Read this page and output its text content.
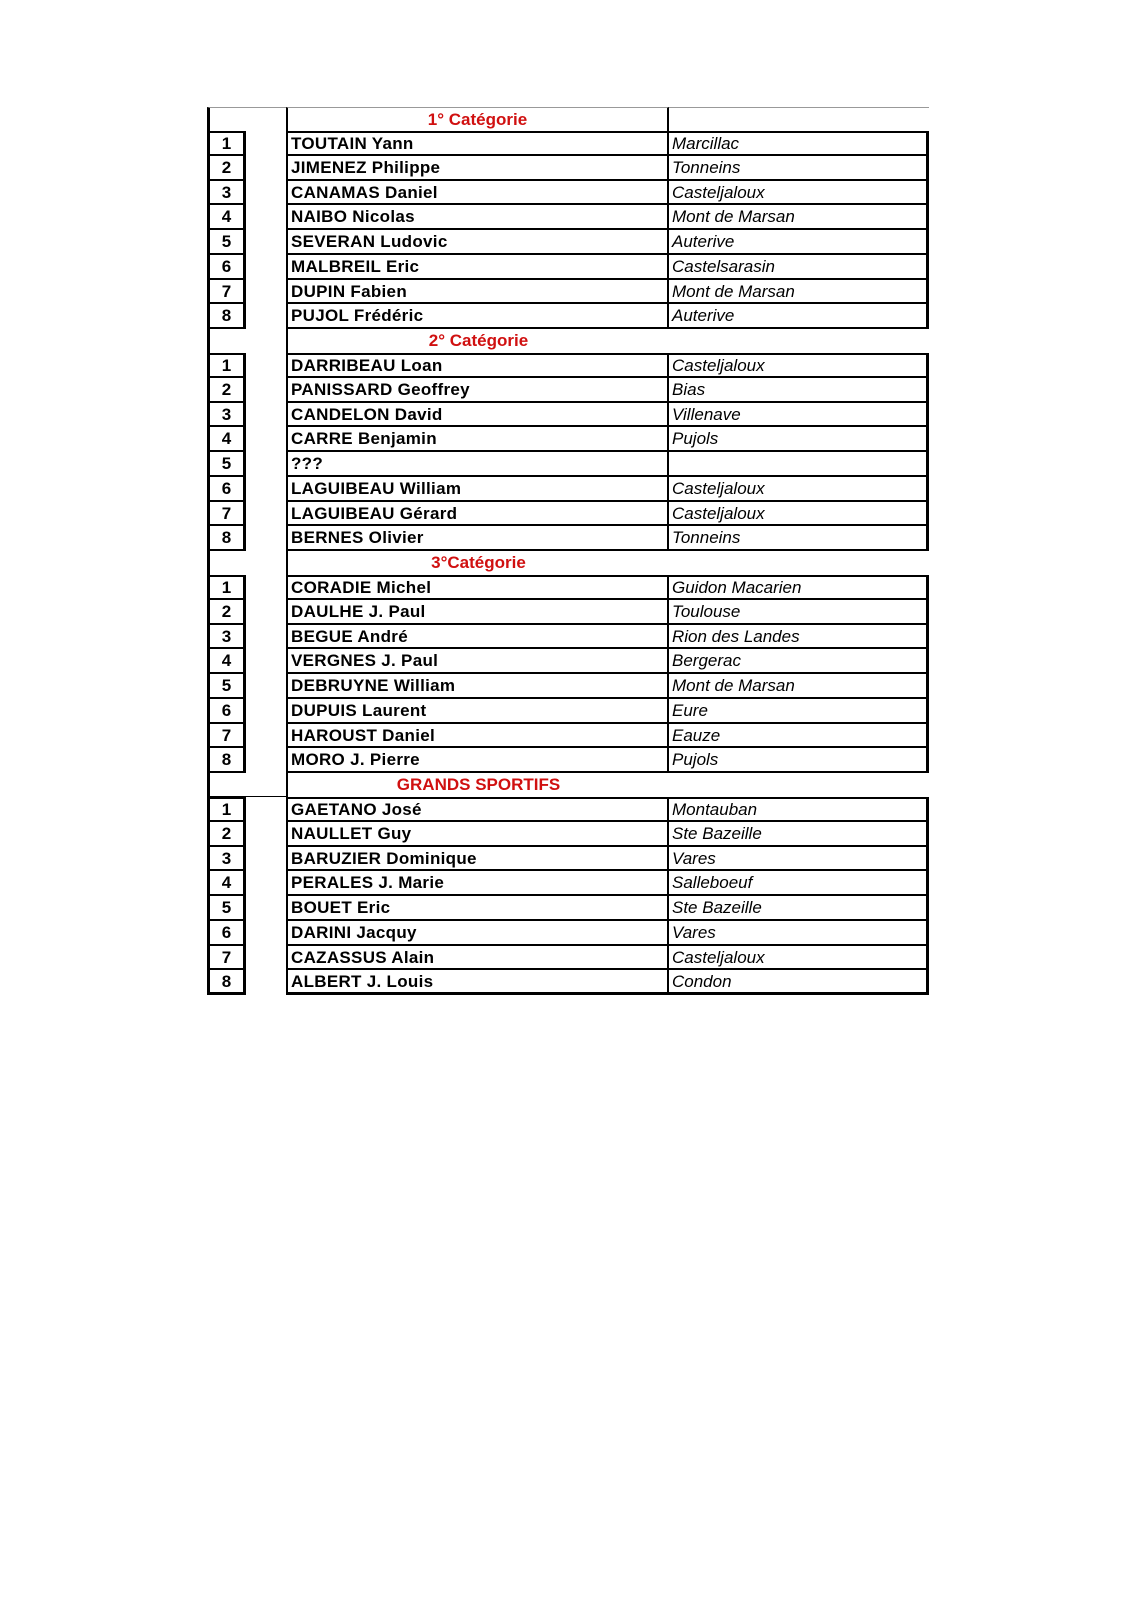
1° Catégorie
1	TOUTAIN Yann	Marcillac
2	JIMENEZ Philippe	Tonneins
3	CANAMAS Daniel	Casteljaloux
4	NAIBO Nicolas	Mont de Marsan
5	SEVERAN Ludovic	Auterive
6	MALBREIL Eric	Castelsarasin
7	DUPIN Fabien	Mont de Marsan
8	PUJOL Frédéric	Auterive
2° Catégorie
1	DARRIBEAU Loan	Casteljaloux
2	PANISSARD Geoffrey	Bias
3	CANDELON David	Villenave
4	CARRE Benjamin	Pujols
5	???
6	LAGUIBEAU William	Casteljaloux
7	LAGUIBEAU Gérard	Casteljaloux
8	BERNES Olivier	Tonneins
3°Catégorie
1	CORADIE Michel	Guidon Macarien
2	DAULHE J. Paul	Toulouse
3	BEGUE André	Rion des Landes
4	VERGNES J. Paul	Bergerac
5	DEBRUYNE William	Mont de Marsan
6	DUPUIS Laurent	Eure
7	HAROUST Daniel	Eauze
8	MORO J. Pierre	Pujols
GRANDS SPORTIFS
1	GAETANO José	Montauban
2	NAULLET Guy	Ste Bazeille
3	BARUZIER Dominique	Vares
4	PERALES J. Marie	Salleboeuf
5	BOUET Eric	Ste Bazeille
6	DARINI Jacquy	Vares
7	CAZASSUS Alain	Casteljaloux
8	ALBERT J. Louis	Condon
